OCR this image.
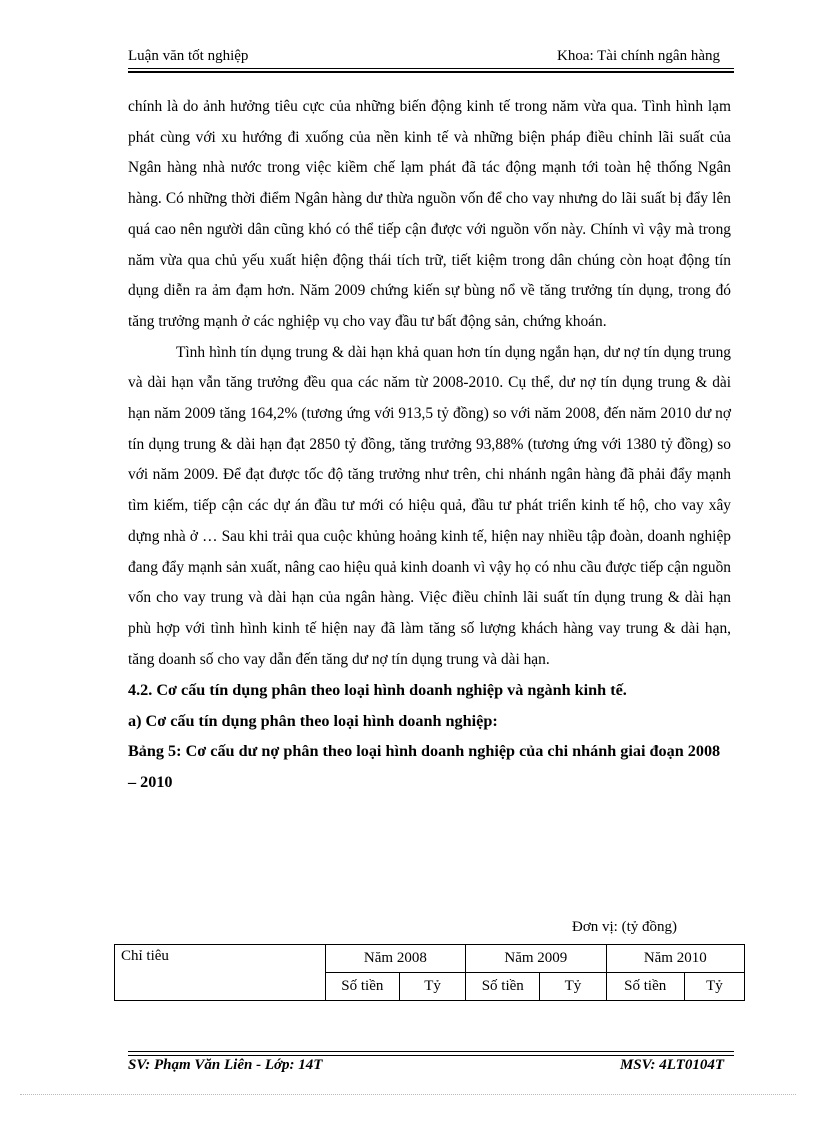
Luận văn tốt nghiệp	Khoa: Tài chính ngân hàng

chính là do ảnh hưởng tiêu cực của những biến động kinh tế trong năm vừa qua. Tình hình lạm phát cùng với xu hướng đi xuống của nền kinh tế và những biện pháp điều chỉnh lãi suất của Ngân hàng nhà nước trong việc kiềm chế lạm phát đã tác động mạnh tới toàn hệ thống Ngân hàng. Có những thời điểm Ngân hàng dư thừa nguồn vốn để cho vay nhưng do lãi suất bị đẩy lên quá cao nên người dân cũng khó có thể tiếp cận được với nguồn vốn này. Chính vì vậy mà trong năm vừa qua chủ yếu xuất hiện động thái tích trữ, tiết kiệm trong dân chúng còn hoạt động tín dụng diễn ra ảm đạm hơn. Năm 2009 chứng kiến sự bùng nổ về tăng trưởng tín dụng, trong đó tăng trưởng mạnh ở các nghiệp vụ cho vay đầu tư bất động sản, chứng khoán.

Tình hình tín dụng trung & dài hạn khả quan hơn tín dụng ngắn hạn, dư nợ tín dụng trung và dài hạn vẫn tăng trưởng đều qua các năm từ 2008-2010. Cụ thể, dư nợ tín dụng trung & dài hạn năm 2009 tăng 164,2% (tương ứng với 913,5 tỷ đồng) so với năm 2008, đến năm 2010 dư nợ tín dụng trung & dài hạn đạt 2850 tỷ đồng, tăng trưởng 93,88% (tương ứng với 1380 tỷ đồng) so với năm 2009. Để đạt được tốc độ tăng trưởng như trên, chi nhánh ngân hàng đã phải đẩy mạnh tìm kiếm, tiếp cận các dự án đầu tư mới có hiệu quả, đầu tư phát triển kinh tế hộ, cho vay xây dựng nhà ở … Sau khi trải qua cuộc khủng hoảng kinh tế, hiện nay nhiều tập đoàn, doanh nghiệp đang đẩy mạnh sản xuất, nâng cao hiệu quả kinh doanh vì vậy họ có nhu cầu được tiếp cận nguồn vốn cho vay trung và dài hạn của ngân hàng. Việc điều chỉnh lãi suất tín dụng trung & dài hạn phù hợp với tình hình kinh tế hiện nay đã làm tăng số lượng khách hàng vay trung & dài hạn, tăng doanh số cho vay dẫn đến tăng dư nợ tín dụng trung và dài hạn.

4.2. Cơ cấu tín dụng phân theo loại hình doanh nghiệp và ngành kinh tế.

a) Cơ cấu tín dụng phân theo loại hình doanh nghiệp:

Bảng 5: Cơ cấu dư nợ phân theo loại hình doanh nghiệp của chi nhánh giai đoạn 2008 – 2010

Đơn vị: (tỷ đồng)
Chỉ tiêu	Năm 2008		Năm 2009		Năm 2010	
	Số tiền	Tỷ	Số tiền	Tỷ	Số tiền	Tỷ
SV: Phạm Văn Liên - Lớp: 14T	MSV: 4LT0104T
